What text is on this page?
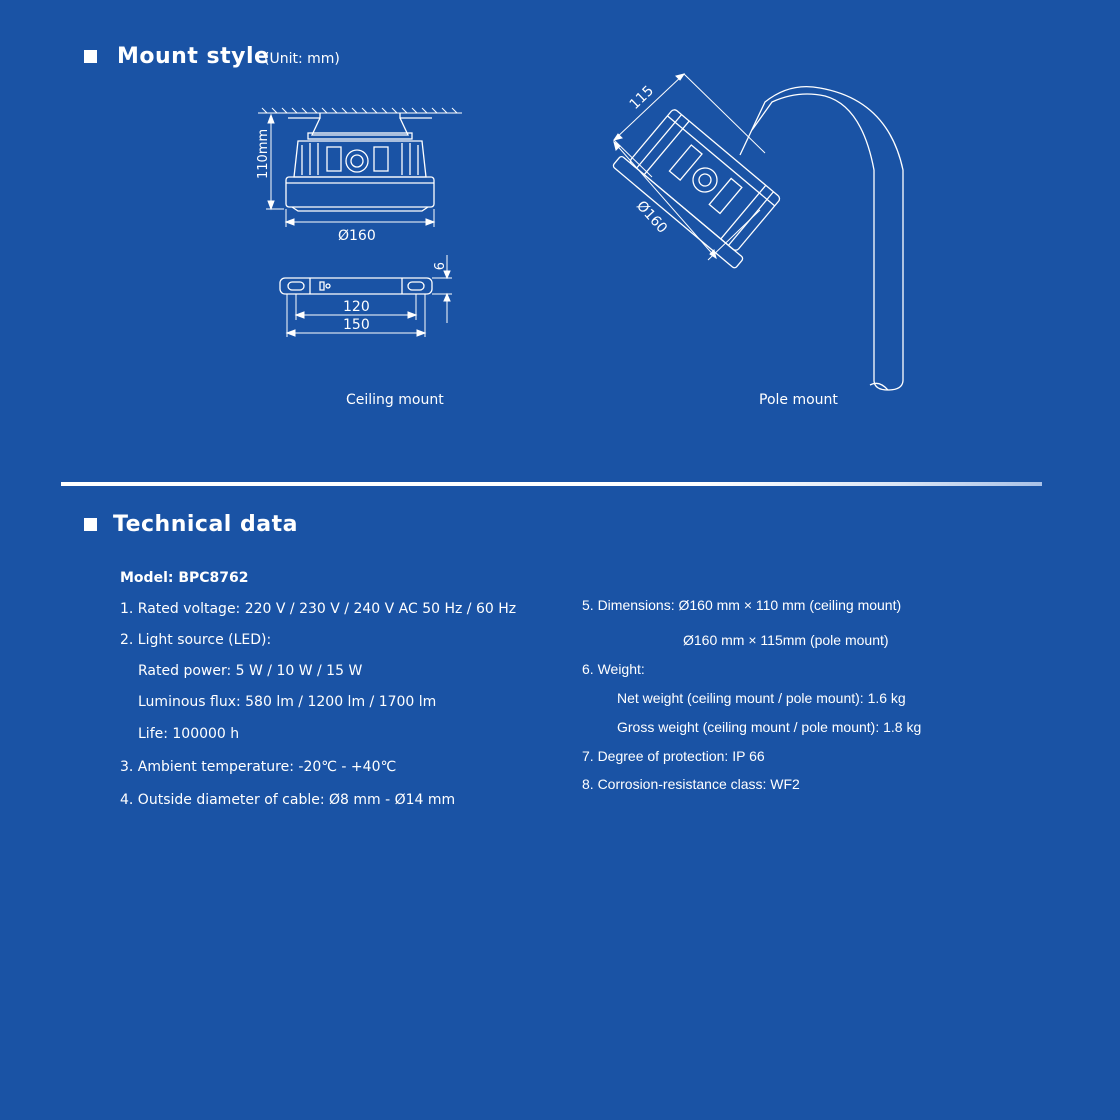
Mount style
(Unit: mm)
110mm
Ø160
9
120
150
Ceiling mount
115
Ø160
Pole mount
Technical data
Model: BPC8762
1. Rated voltage: 220 V / 230 V / 240 V AC 50 Hz / 60 Hz
2. Light source (LED):
Rated power: 5 W / 10 W / 15 W
Luminous flux: 580 lm / 1200 lm / 1700 lm
Life: 100000 h
3. Ambient temperature: -20℃ - +40℃
4. Outside diameter of cable: Ø8 mm - Ø14 mm
5. Dimensions: Ø160 mm × 110 mm (ceiling mount)
Ø160 mm × 115mm (pole mount)
6. Weight:
Net weight (ceiling mount / pole mount): 1.6 kg
Gross weight (ceiling mount / pole mount): 1.8 kg
7. Degree of protection: IP 66
8. Corrosion-resistance class: WF2
